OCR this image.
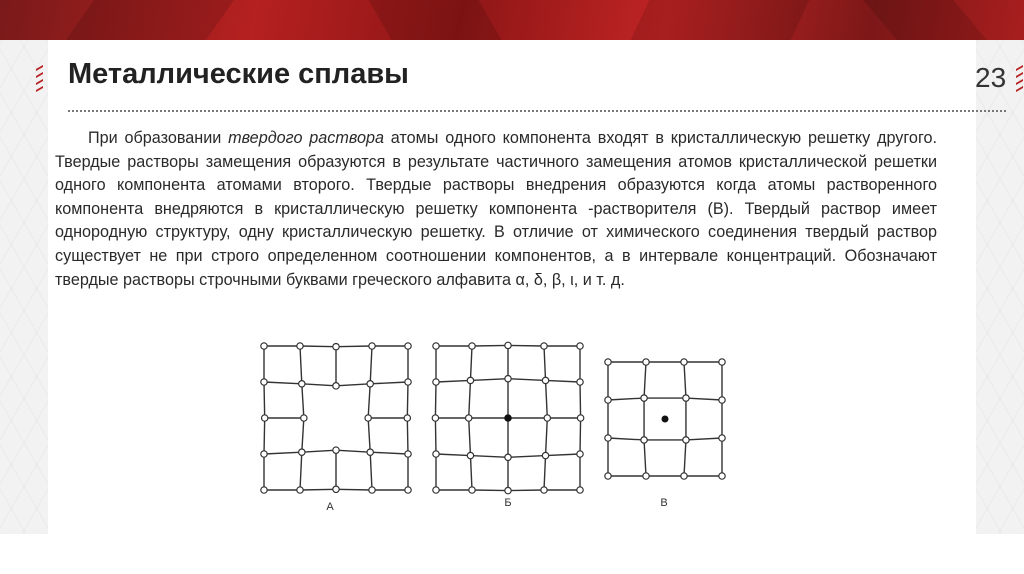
Металлические сплавы	23

При образовании твердого раствора атомы одного компонента входят в кристаллическую решетку другого. Твердые растворы замещения образуются в результате частичного замещения атомов кристаллической решетки одного компонента атомами второго. Твердые растворы внедрения образуются когда атомы растворенного компонента внедряются в кристаллическую решетку компонента -растворителя (В). Твердый раствор имеет однородную структуру, одну кристаллическую решетку. В отличие от химического соединения твердый раствор существует не при строго определенном соотношении компонентов, а в интервале концентраций. Обозначают твердые растворы строчными буквами греческого алфавита α, δ, β, ι, и т. д.

А	Б	В
